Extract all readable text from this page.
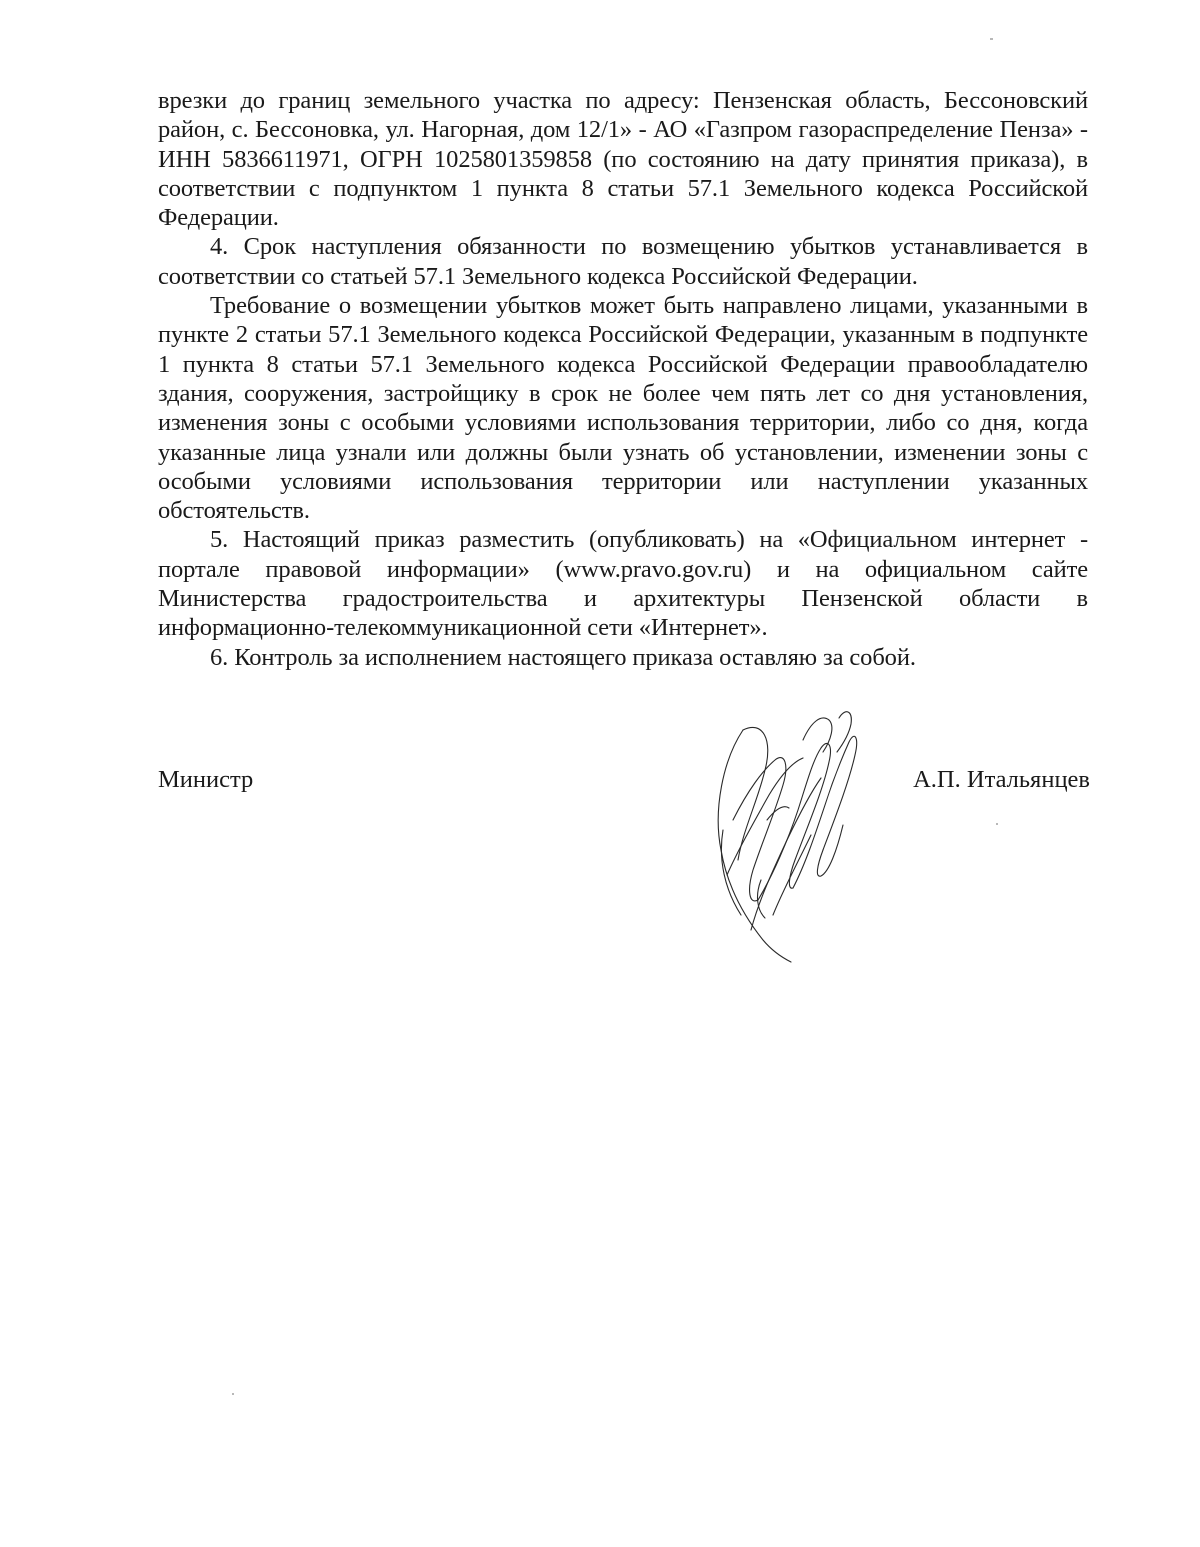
врезки до границ земельного участка по адресу: Пензенская область, Бессоновский район, с. Бессоновка, ул. Нагорная, дом 12/1» - АО «Газпром газораспределение Пенза» - ИНН 5836611971, ОГРН 1025801359858 (по состоянию на дату принятия приказа), в соответствии с подпунктом 1 пункта 8 статьи 57.1 Земельного кодекса Российской Федерации.

4. Срок наступления обязанности по возмещению убытков устанавливается в соответствии со статьей 57.1 Земельного кодекса Российской Федерации.

Требование о возмещении убытков может быть направлено лицами, указанными в пункте 2 статьи 57.1 Земельного кодекса Российской Федерации, указанным в подпункте 1 пункта 8 статьи 57.1 Земельного кодекса Российской Федерации правообладателю здания, сооружения, застройщику в срок не более чем пять лет со дня установления, изменения зоны с особыми условиями использования территории, либо со дня, когда указанные лица узнали или должны были узнать об установлении, изменении зоны с особыми условиями использования территории или наступлении указанных обстоятельств.

5. Настоящий приказ разместить (опубликовать) на «Официальном интернет - портале правовой информации» (www.pravo.gov.ru) и на официальном сайте Министерства градостроительства и архитектуры Пензенской области в информационно-телекоммуникационной сети «Интернет».

6. Контроль за исполнением настоящего приказа оставляю за собой.

Министр	А.П. Итальянцев
